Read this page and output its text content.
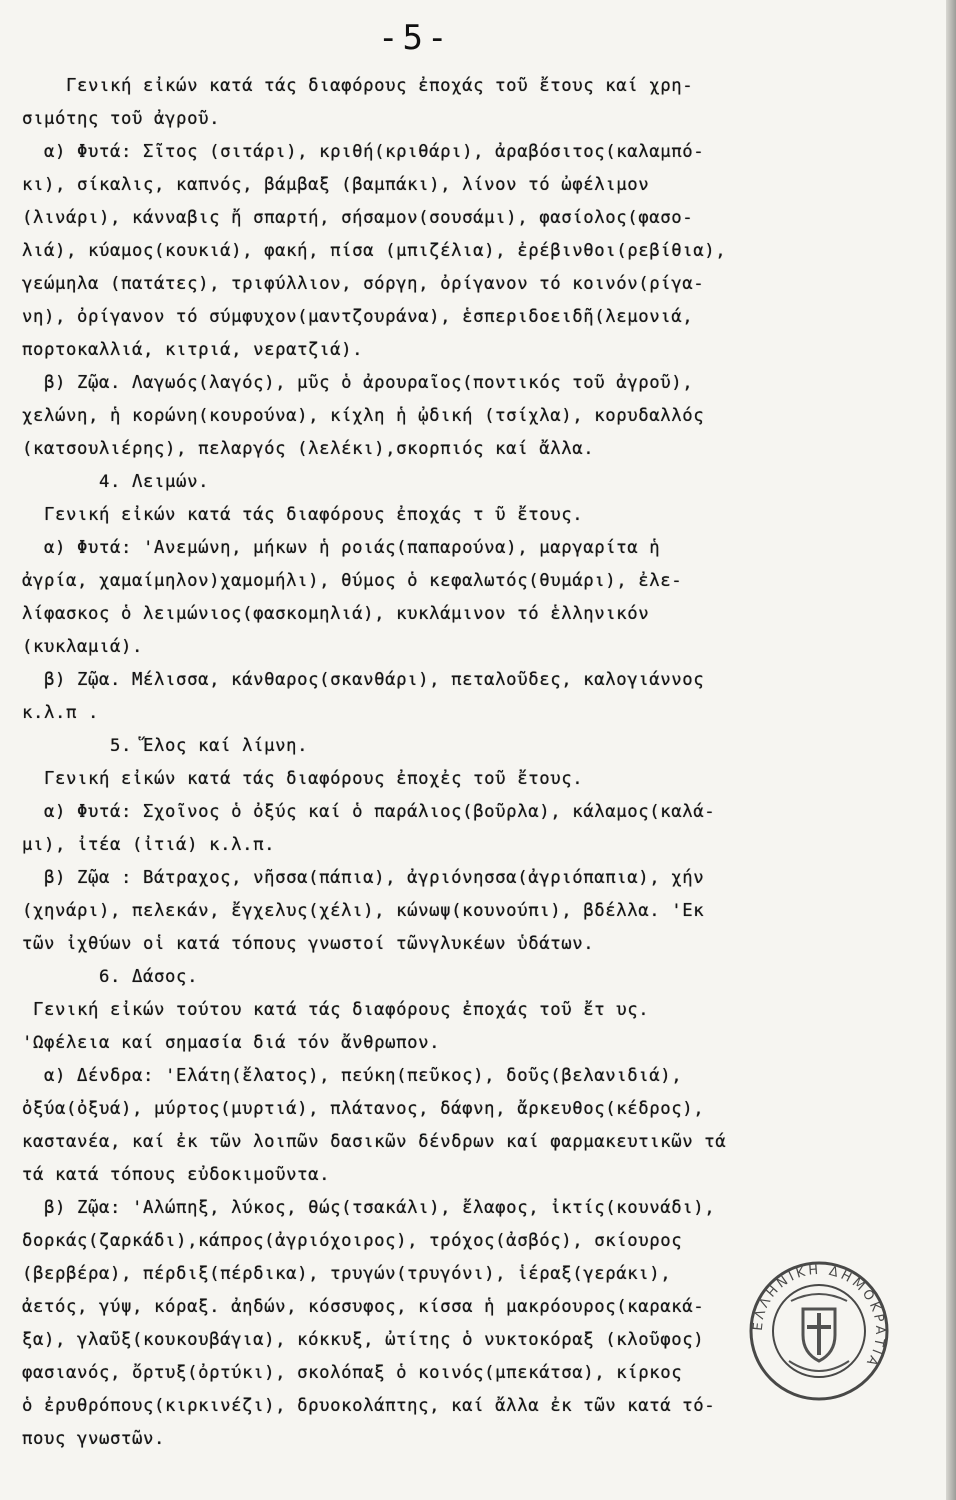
-5-
Γενική εἰκών κατά τάς διαφόρους ἐποχάς τοῦ ἔτους καί χρη-
σιμότης τοῦ ἀγροῦ.
α) Φυτά: Σῖτος (σιτάρι), κριθή(κριθάρι), ἀραβόσιτος(καλαμπό-
κι), σίκαλις, καπνός, βάμβαξ (βαμπάκι), λίνον τό ὠφέλιμον
(λινάρι), κάνναβις ἤ σπαρτή, σήσαμον(σουσάμι), φασίολος(φασο-
λιά), κύαμος(κουκιά), φακή, πίσα (μπιζέλια), ἐρέβινθοι(ρεβίθια),
γεώμηλα (πατάτες), τριφύλλιον, σόργη, ὀρίγανον τό κοινόν(ρίγα-
νη), ὀρίγανον τό σύμφυχον(μαντζουράνα), ἑσπεριδοειδῆ(λεμονιά,
πορτοκαλλιά, κιτριά, νερατζιά).
β) Ζῷα. Λαγωός(λαγός), μῦς ὁ ἀρουραῖος(ποντικός τοῦ ἀγροῦ),
χελώνη, ἡ κορώνη(κουρούνα), κίχλη ἡ ᾠδική (τσίχλα), κορυδαλλός
(κατσουλιέρης), πελαργός (λελέκι),σκορπιός καί ἄλλα.
4. Λειμών.
Γενική εἰκών κατά τάς διαφόρους ἐποχάς τ ῦ ἔτους.
α) Φυτά: 'Ανεμώνη, μήκων ἡ ροιάς(παπαρούνα), μαργαρίτα ἡ
ἀγρία, χαμαίμηλον)χαμομήλι), θύμος ὁ κεφαλωτός(θυμάρι), ἐλε-
λίφασκος ὁ λειμώνιος(φασκομηλιά), κυκλάμινον τό ἑλληνικόν
(κυκλαμιά).
β) Ζῷα. Μέλισσα, κάνθαρος(σκανθάρι), πεταλοῦδες, καλογιάννος
κ.λ.π .
5. Ἕλος καί λίμνη.
Γενική εἰκών κατά τάς διαφόρους ἐποχἐς τοῦ ἔτους.
α) Φυτά: Σχοῖνος ὁ ὀξύς καί ὁ παράλιος(βοῦρλα), κάλαμος(καλά-
μι), ἰτέα (ἰτιά) κ.λ.π.
β) Ζῷα : Βάτραχος, νῆσσα(πάπια), ἀγριόνησσα(ἀγριόπαπια), χήν
(χηνάρι), πελεκάν, ἔγχελυς(χέλι), κώνωψ(κουνούπι), βδέλλα. 'Εκ
τῶν ἰχθύων οἱ κατά τόπους γνωστοί τῶνγλυκέων ὑδάτων.
6. Δάσος.
Γενική εἰκών τούτου κατά τάς διαφόρους ἐποχάς τοῦ ἔτ υς.
'Ωφέλεια καί σημασία διά τόν ἄνθρωπον.
α) Δένδρα: 'Ελάτη(ἔλατος), πεύκη(πεῦκος), δοῦς(βελανιδιά),
ὀξύα(ὀξυά), μύρτος(μυρτιά), πλάτανος, δάφνη, ἄρκευθος(κέδρος),
καστανέα, καί ἐκ τῶν λοιπῶν δασικῶν δένδρων καί φαρμακευτικῶν τά
τά κατά τόπους εὐδοκιμοῦντα.
β) Ζῷα: 'Αλώπηξ, λύκος, θώς(τσακάλι), ἔλαφος, ἰκτίς(κουνάδι),
δορκάς(ζαρκάδι),κάπρος(ἀγριόχοιρος), τρόχος(ἀσβός), σκίουρος
(βερβέρα), πέρδιξ(πέρδικα), τρυγών(τρυγόνι), ἱέραξ(γεράκι),
ἀετός, γύψ, κόραξ. ἀηδών, κόσσυφος, κίσσα ἡ μακρόουρος(καρακά-
ξα), γλαῦξ(κουκουβάγια), κόκκυξ, ὠτίτης ὁ νυκτοκόραξ (κλοῦφος)
φασιανός, ὄρτυξ(ὀρτύκι), σκολόπαξ ὁ κοινός(μπεκάτσα), κίρκος
ὁ ἐρυθρόπους(κιρκινέζι), δρυοκολάπτης, καί ἄλλα ἐκ τῶν κατά τό-
πους γνωστῶν.
ΕΛΛΗΝΙΚΗ ΔΗΜΟΚΡΑΤΙΑ
